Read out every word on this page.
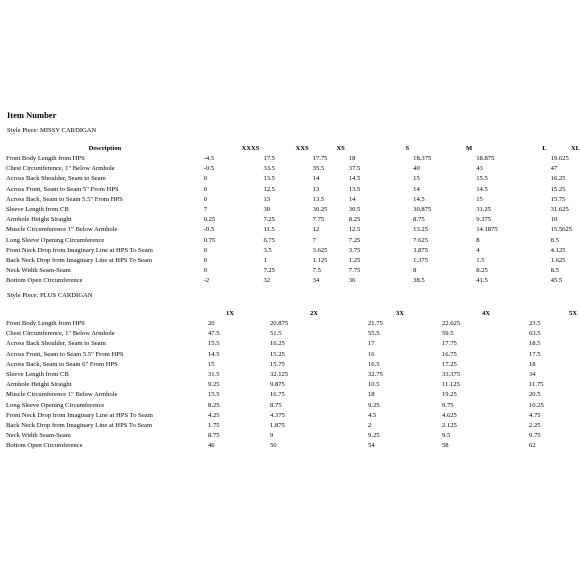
Item Number
Style Piece: MISSY CARDIGAN
Description	XXXS	XXS	XS	S	M	L	XL
Front Body Length from HPS	-4.5	17.5	17.75	18	18.375	18.875	19.625
Chest Circumference, 1" Below Armhole	-0.5	33.5	35.5	37.5	40	43	47
Across Back Shoulder, Seam to Seam	0	13.5	14	14.5	15	15.5	16.25
Across Front, Seam to Seam 5" From HPS	0	12.5	13	13.5	14	14.5	15.25
Across Back, Seam to Seam 5.5" From HPS	0	13	13.5	14	14.5	15	15.75
Sleeve Length from CB	7	30	30.25	30.5	30.875	31.25	31.625
Armhole Height Straight	0.25	7.25	7.75	8.25	8.75	9.375	10
Muscle Circumference 1" Below Armhole	-0.5	11.5	12	12.5	13.25	14.1875	15.5625
Long Sleeve Opening Circumference	0.75	6.75	7	7.25	7.625	8	8.5
Front Neck Drop from Imaginary Line at HPS To Seam	0	3.5	3.625	3.75	3.875	4	4.125
Back Neck Drop from Imaginary Line at HPS To Seam	0	1	1.125	1.25	1.375	1.5	1.625
Neck Width Seam-Seam	0	7.25	7.5	7.75	8	8.25	8.5
Bottom Open Circumference	-2	32	34	36	38.5	41.5	45.5
Style Piece: PLUS CARDIGAN
	1X	2X	3X	4X	5X
Front Body Length from HPS	20	20.875	21.75	22.625	23.5
Chest Circumference, 1" Below Armhole	47.5	51.5	55.5	59.5	63.5
Across Back Shoulder, Seam to Seam	15.5	16.25	17	17.75	18.5
Across Front, Seam to Seam 5.5" From HPS	14.5	15.25	16	16.75	17.5
Across Back, Seam to Seam 6" From HPS	15	15.75	16.5	17.25	18
Sleeve Length from CB	31.5	32.125	32.75	33.375	34
Armhole Height Straight	9.25	9.875	10.5	11.125	11.75
Muscle Circumference 1" Below Armhole	15.5	16.75	18	19.25	20.5
Long Sleeve Opening Circumference	8.25	8.75	9.25	9.75	10.25
Front Neck Drop from Imaginary Line at HPS To Seam	4.25	4.375	4.5	4.625	4.75
Back Neck Drop from Imaginary Line at HPS To Seam	1.75	1.875	2	2.125	2.25
Neck Width Seam-Seam	8.75	9	9.25	9.5	9.75
Bottom Open Circumference	46	50	54	58	62
